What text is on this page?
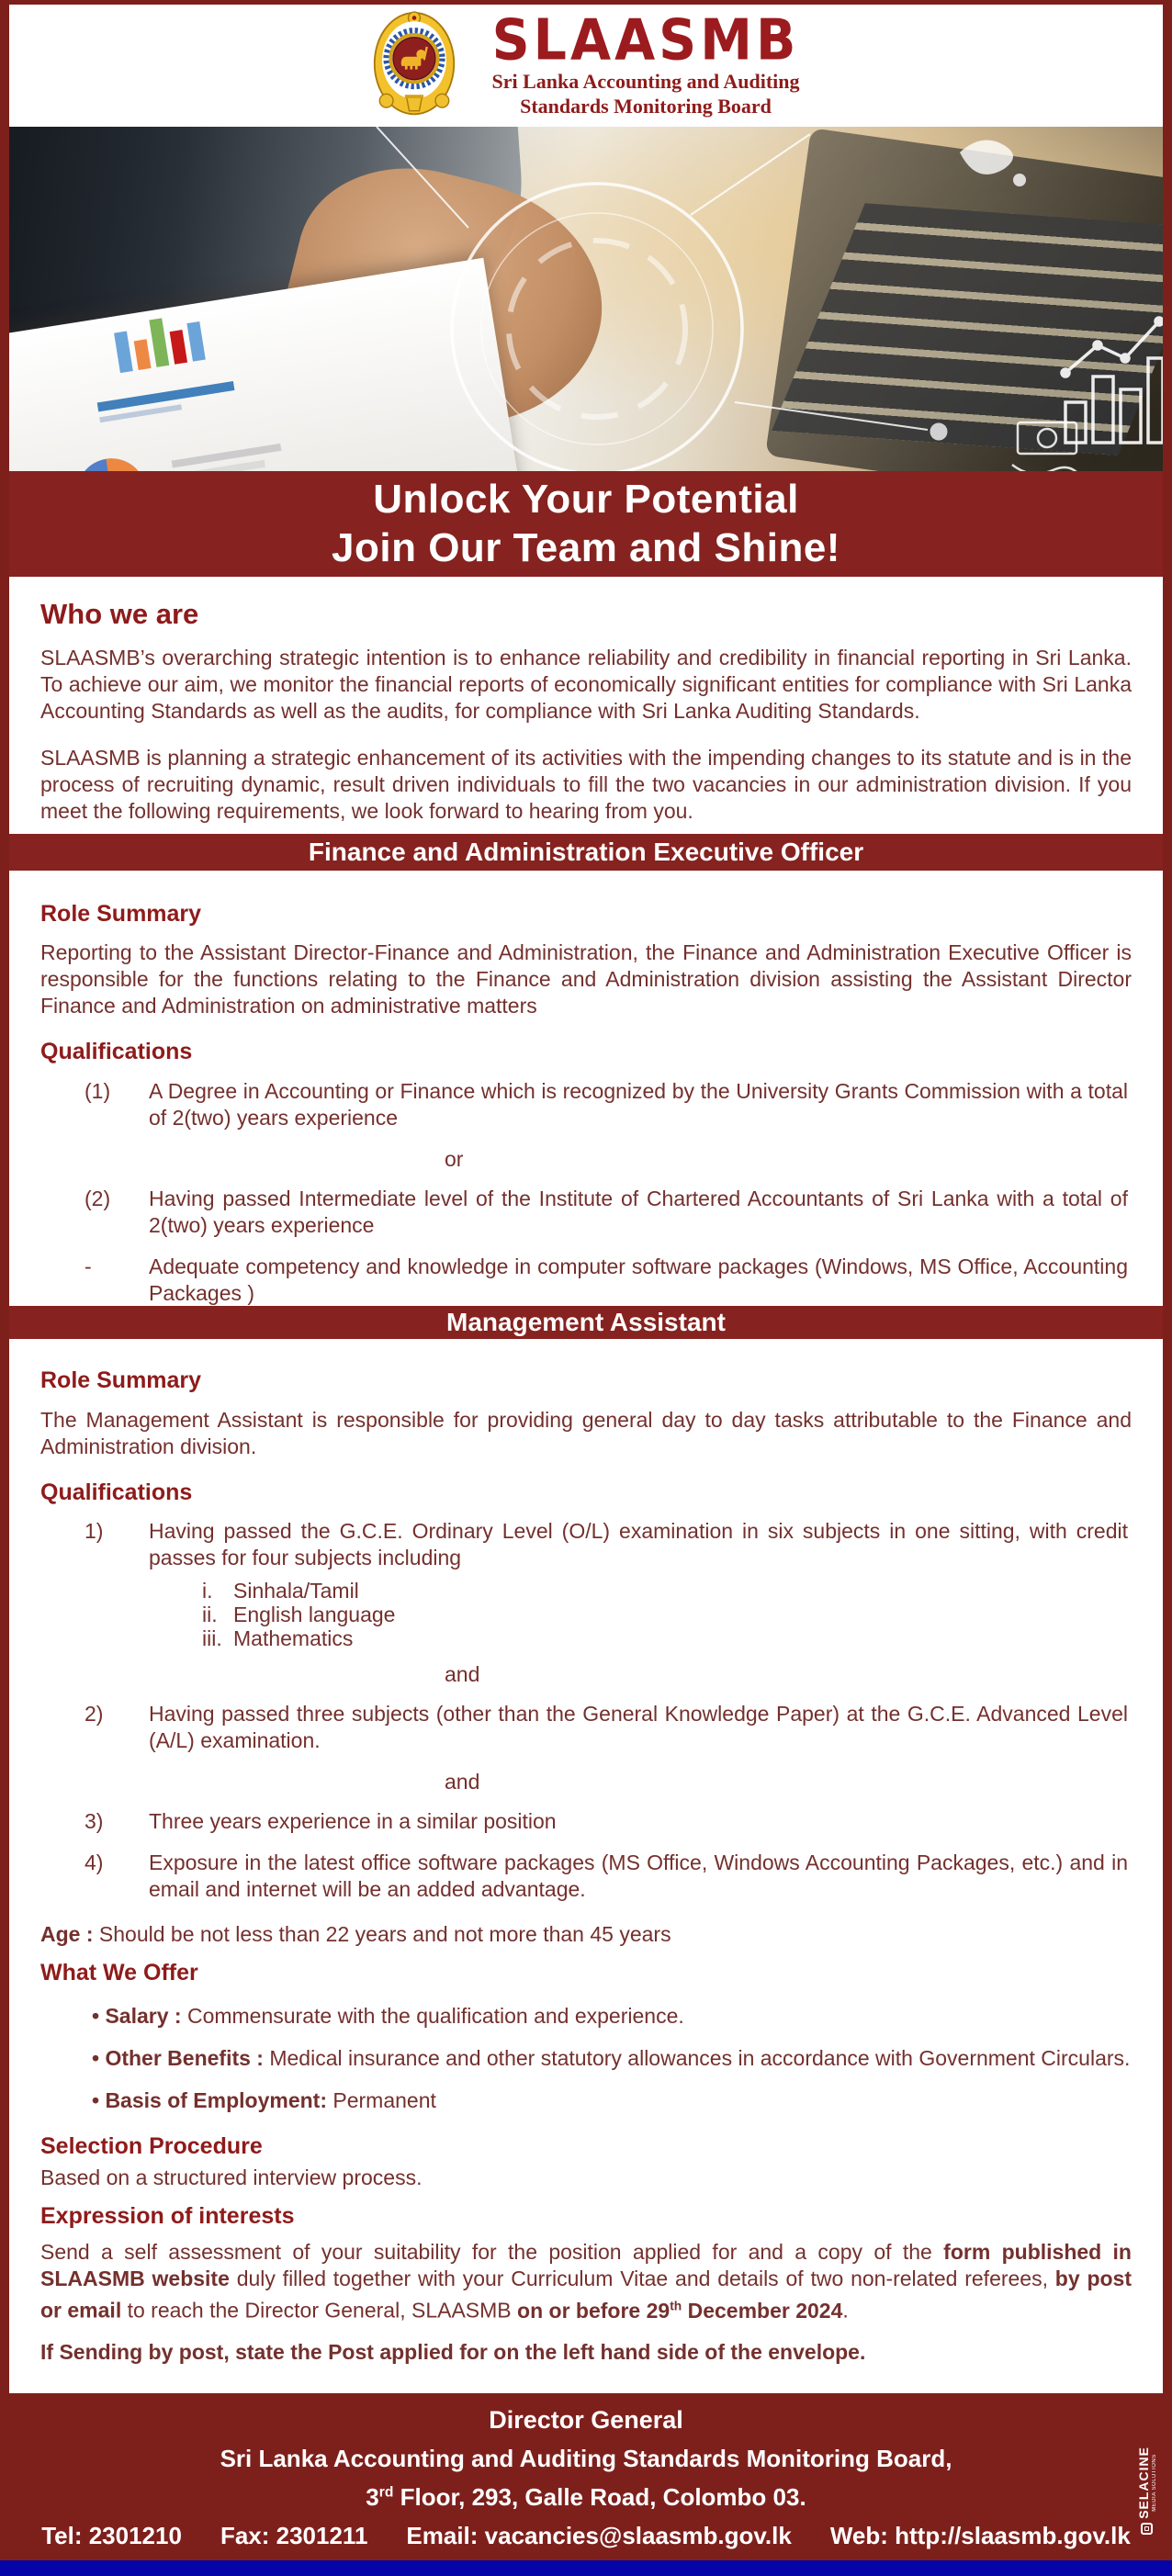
SLAASMB
Sri Lanka Accounting and Auditing
Standards Monitoring Board
Unlock Your Potential
Join Our Team and Shine!
Who we are

SLAASMB’s overarching strategic intention is to enhance reliability and credibility in financial reporting in Sri Lanka. To achieve our aim, we monitor the financial reports of economically significant entities for compliance with Sri Lanka Accounting Standards as well as the audits, for compliance with Sri Lanka Auditing Standards.

SLAASMB is planning a strategic enhancement of its activities with the impending changes to its statute and is in the process of recruiting dynamic, result driven individuals to fill the two vacancies in our administration division. If you meet the following requirements, we look forward to hearing from you.

Finance and Administration Executive Officer
Role Summary

Reporting to the Assistant Director-Finance and Administration, the Finance and Administration Executive Officer is responsible for the functions relating to the Finance and Administration division assisting the Assistant Director Finance and Administration on administrative matters

Qualifications
(1)	A Degree in Accounting or Finance which is recognized by the University Grants Commission with a total of 2(two) years experience
or
(2)	Having passed Intermediate level of the Institute of Chartered Accountants of Sri Lanka with a total of 2(two) years experience
-	Adequate competency and knowledge in computer software packages (Windows, MS Office, Accounting Packages )
Management Assistant
Role Summary

The Management Assistant is responsible for providing general day to day tasks attributable to the Finance and Administration division.

Qualifications
1)	Having passed the G.C.E. Ordinary Level (O/L) examination in six subjects in one sitting, with credit passes for four subjects including
i. Sinhala/Tamil
ii. English language
iii. Mathematics
and
2)	Having passed three subjects (other than the General Knowledge Paper) at the G.C.E. Advanced Level (A/L) examination.
and
3)	Three years experience in a similar position
4)	Exposure in the latest office software packages (MS Office, Windows Accounting Packages, etc.) and in email and internet will be an added advantage.
Age : Should be not less than 22 years and not more than 45 years
What We Offer
• Salary : Commensurate with the qualification and experience.
• Other Benefits : Medical insurance and other statutory allowances in accordance with Government Circulars.
• Basis of Employment: Permanent
Selection Procedure

Based on a structured interview process.

Expression of interests

Send a self assessment of your suitability for the position applied for and a copy of the form published in SLAASMB website duly filled together with your Curriculum Vitae and details of two non-related referees, by post or email to reach the Director General, SLAASMB on or before 29th December 2024.

If Sending by post, state the Post applied for on the left hand side of the envelope.

Director General
Sri Lanka Accounting and Auditing Standards Monitoring Board,
3rd Floor, 293, Galle Road, Colombo 03.
Tel: 2301210 Fax: 2301211 Email: vacancies@slaasmb.gov.lk Web: http://slaasmb.gov.lk
SELACINE MEDIA SOLUTIONS
